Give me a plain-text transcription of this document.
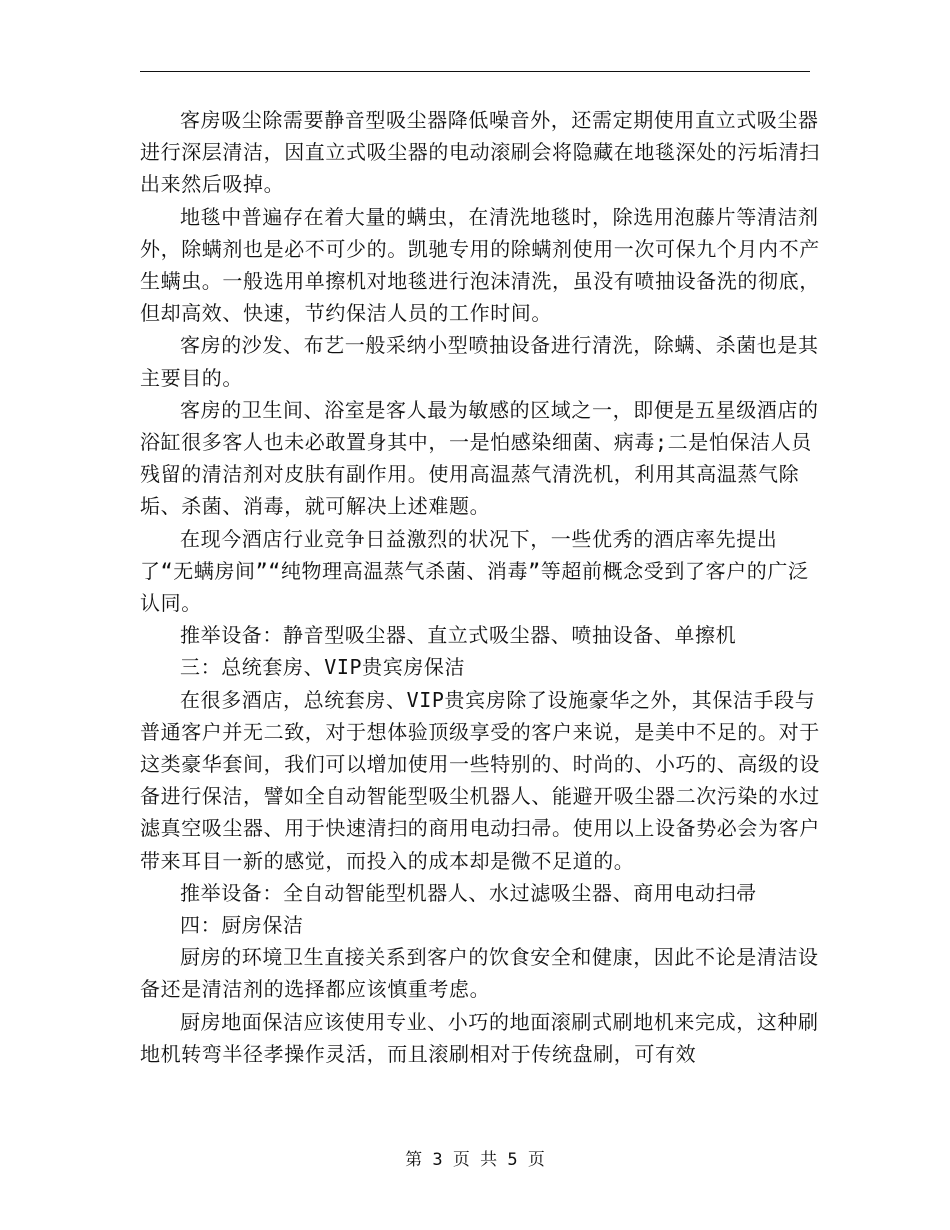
客房吸尘除需要静音型吸尘器降低噪音外，还需定期使用直立式吸尘器进行深层清洁，因直立式吸尘器的电动滚刷会将隐藏在地毯深处的污垢清扫出来然后吸掉。

地毯中普遍存在着大量的螨虫，在清洗地毯时，除选用泡藤片等清洁剂外，除螨剂也是必不可少的。凯驰专用的除螨剂使用一次可保九个月内不产生螨虫。一般选用单擦机对地毯进行泡沫清洗，虽没有喷抽设备洗的彻底，但却高效、快速，节约保洁人员的工作时间。

客房的沙发、布艺一般采纳小型喷抽设备进行清洗，除螨、杀菌也是其主要目的。

客房的卫生间、浴室是客人最为敏感的区域之一，即便是五星级酒店的浴缸很多客人也未必敢置身其中，一是怕感染细菌、病毒;二是怕保洁人员残留的清洁剂对皮肤有副作用。使用高温蒸气清洗机，利用其高温蒸气除垢、杀菌、消毒，就可解决上述难题。

在现今酒店行业竞争日益激烈的状况下，一些优秀的酒店率先提出了“无螨房间”“纯物理高温蒸气杀菌、消毒”等超前概念受到了客户的广泛认同。

推举设备：静音型吸尘器、直立式吸尘器、喷抽设备、单擦机

三：总统套房、VIP贵宾房保洁

在很多酒店，总统套房、VIP贵宾房除了设施豪华之外，其保洁手段与普通客户并无二致，对于想体验顶级享受的客户来说，是美中不足的。对于这类豪华套间，我们可以增加使用一些特别的、时尚的、小巧的、高级的设备进行保洁，譬如全自动智能型吸尘机器人、能避开吸尘器二次污染的水过滤真空吸尘器、用于快速清扫的商用电动扫帚。使用以上设备势必会为客户带来耳目一新的感觉，而投入的成本却是微不足道的。

推举设备：全自动智能型机器人、水过滤吸尘器、商用电动扫帚

四：厨房保洁

厨房的环境卫生直接关系到客户的饮食安全和健康，因此不论是清洁设备还是清洁剂的选择都应该慎重考虑。

厨房地面保洁应该使用专业、小巧的地面滚刷式刷地机来完成，这种刷地机转弯半径孝操作灵活，而且滚刷相对于传统盘刷，可有效

第 3 页 共 5 页
